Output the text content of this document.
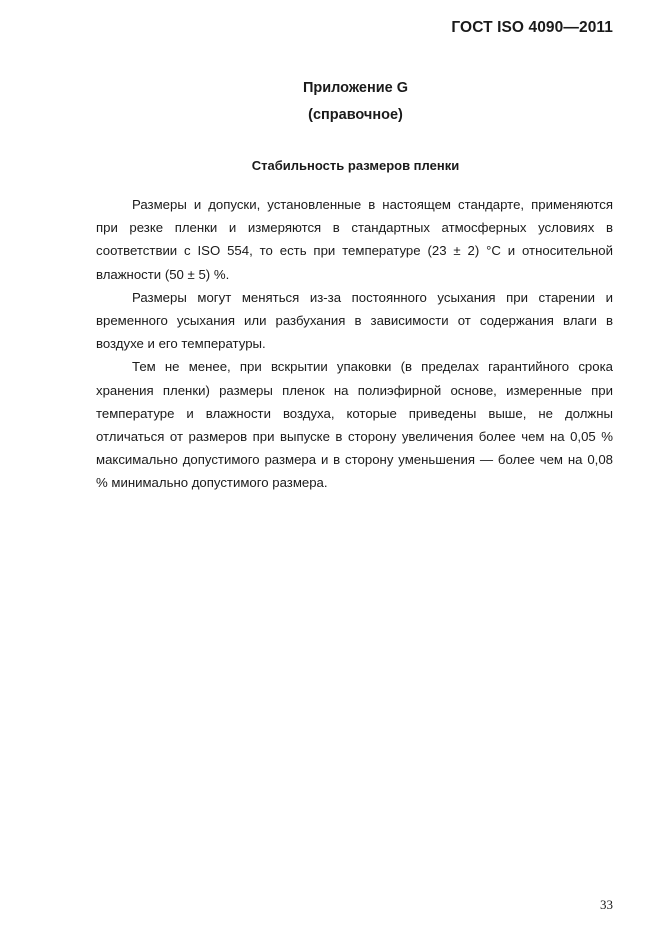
ГОСТ ISO 4090—2011
Приложение G
(справочное)
Стабильность размеров пленки

Размеры и допуски, установленные в настоящем стандарте, применяются при резке пленки и измеряются в стандартных атмосферных условиях в соответствии с ISO 554, то есть при температуре (23 ± 2) °С и относительной влажности (50 ± 5) %.

Размеры могут меняться из-за постоянного усыхания при старении и временного усыхания или разбухания в зависимости от содержания влаги в воздухе и его температуры.

Тем не менее, при вскрытии упаковки (в пределах гарантийного срока хранения пленки) размеры пленок на полиэфирной основе, измеренные при температуре и влажности воздуха, которые приведены выше, не должны отличаться от размеров при выпуске в сторону увеличения более чем на 0,05 % максимально допустимого размера и в сторону уменьшения — более чем на 0,08 % минимально допустимого размера.

33
